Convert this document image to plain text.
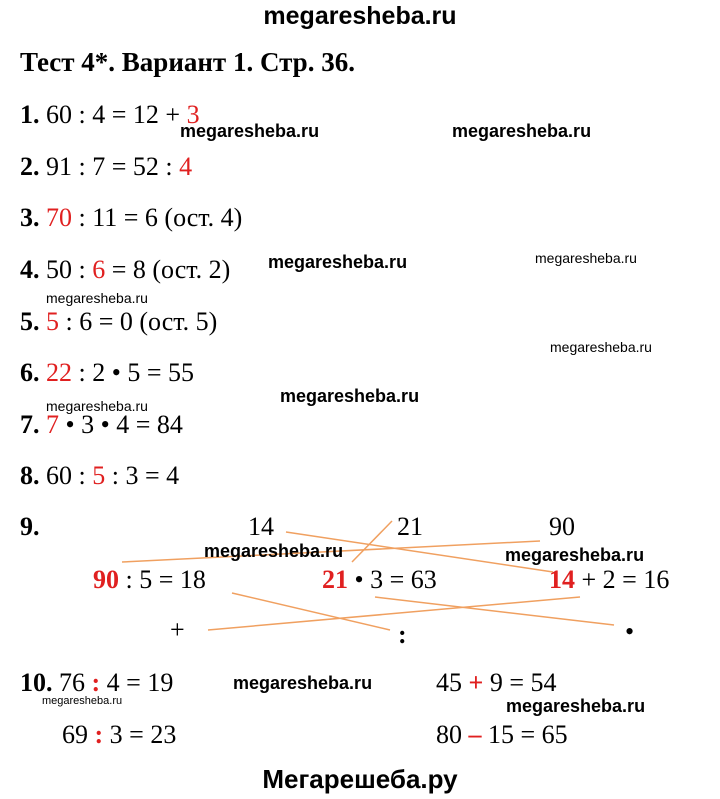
megaresheba.ru
Тест 4*. Вариант 1. Стр. 36.
1. 60 : 4 = 12 + 3
2. 91 : 7 = 52 : 4
3. 70 : 11 = 6 (ост. 4)
4. 50 : 6 = 8 (ост. 2)
5. 5 : 6 = 0 (ост. 5)
6. 22 : 2 • 5 = 55
7. 7 • 3 • 4 = 84
8. 60 : 5 : 3 = 4
9.	14	21	90
90 : 5 = 18	21 • 3 = 63	14 + 2 = 16
+	:	•
10. 76 : 4 = 19	45 + 9 = 54
69 : 3 = 23	80 – 15 = 65
megaresheba.ru	megaresheba.ru
megaresheba.ru	megaresheba.ru
megaresheba.ru
megaresheba.ru
megaresheba.ru
megaresheba.ru
megaresheba.ru	megaresheba.ru
megaresheba.ru
megaresheba.ru	megaresheba.ru
Мегарешеба.ру
